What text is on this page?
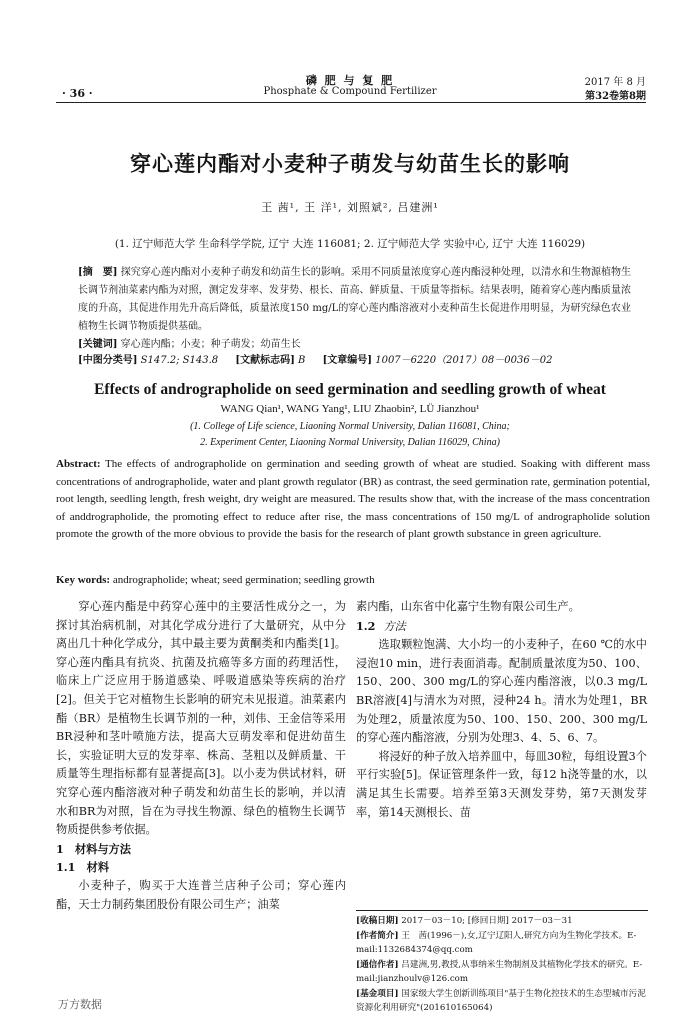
磷 肥 与 复 肥
Phosphate & Compound Fertilizer
· 36 ·
2017 年 8 月
第32卷第8期
穿心莲内酯对小麦种子萌发与幼苗生长的影响
王 茜¹, 王 洋¹, 刘照斌², 吕建洲¹
(1. 辽宁师范大学 生命科学学院, 辽宁 大连 116081; 2. 辽宁师范大学 实验中心, 辽宁 大连 116029)
[摘　要] 探究穿心莲内酯对小麦种子萌发和幼苗生长的影响。采用不同质量浓度穿心莲内酯浸种处理，以清水和生物源植物生长调节剂油菜素内酯为对照，测定发芽率、发芽势、根长、苗高、鲜质量、干质量等指标。结果表明，随着穿心莲内酯质量浓度的升高，其促进作用先升高后降低，质量浓度150 mg/L的穿心莲内酯溶液对小麦种苗生长促进作用明显，为研究绿色农业植物生长调节物质提供基础。
[关键词] 穿心莲内酯；小麦；种子萌发；幼苗生长
[中图分类号] S147.2; S143.8 [文献标志码] B [文章编号] 1007－6220（2017）08－0036－02
Effects of andrographolide on seed germination and seedling growth of wheat
WANG Qian¹, WANG Yang¹, LIU Zhaobin², LÜ Jianzhou¹
(1. College of Life science, Liaoning Normal University, Dalian 116081, China;
2. Experiment Center, Liaoning Normal University, Dalian 116029, China)
Abstract: The effects of andrographolide on germination and seeding growth of wheat are studied. Soaking with different mass concentrations of andrographolide, water and plant growth regulator (BR) as contrast, the seed germination rate, germination potential, root length, seedling length, fresh weight, dry weight are measured. The results show that, with the increase of the mass concentration of anddrographolide, the promoting effect to reduce after rise, the mass concentrations of 150 mg/L of andrographolide solution promote the growth of the more obvious to provide the basis for the research of plant growth substance in green agriculture.
Key words: andrographolide; wheat; seed germination; seedling growth

穿心莲内酯是中药穿心莲中的主要活性成分之一，为探讨其治病机制，对其化学成分进行了大量研究，从中分离出几十种化学成分，其中最主要为黄酮类和内酯类[1]。穿心莲内酯具有抗炎、抗菌及抗癌等多方面的药理活性，临床上广泛应用于肠道感染、呼吸道感染等疾病的治疗[2]。但关于它对植物生长影响的研究未见报道。油菜素内酯（BR）是植物生长调节剂的一种，刘伟、王金信等采用BR浸种和茎叶喷施方法，提高大豆萌发率和促进幼苗生长，实验证明大豆的发芽率、株高、茎粗以及鲜质量、干质量等生理指标都有显著提高[3]。以小麦为供试材料，研究穿心莲内酯溶液对种子萌发和幼苗生长的影响，并以清水和BR为对照，旨在为寻找生物源、绿色的植物生长调节物质提供参考依据。

1　材料与方法

1.1　材料

小麦种子，购买于大连普兰店种子公司；穿心莲内酯，天士力制药集团股份有限公司生产；油菜

素内酯，山东省中化嘉宁生物有限公司生产。

1.2 方法

选取颗粒饱满、大小均一的小麦种子，在60 ℃的水中浸泡10 min，进行表面消毒。配制质量浓度为50、100、150、200、300 mg/L的穿心莲内酯溶液，以0.3 mg/L BR溶液[4]与清水为对照，浸种24 h。清水为处理1，BR为处理2，质量浓度为50、100、150、200、300 mg/L的穿心莲内酯溶液，分别为处理3、4、5、6、7。

将浸好的种子放入培养皿中，每皿30粒，每组设置3个平行实验[5]。保证管理条件一致，每12 h浇等量的水，以满足其生长需要。培养至第3天测发芽势，第7天测发芽率，第14天测根长、苗

[收稿日期] 2017－03－10; [修回日期] 2017－03－31
[作者简介] 王　茜(1996－),女,辽宁辽阳人,研究方向为生物化学技术。E-mail:1132684374@qq.com
[通信作者] 吕建洲,男,教授,从事纳米生物制剂及其植物化学技术的研究。E-mail:jianzhoulv@126.com
[基金项目] 国家级大学生创新训练项目"基于生物化控技术的生态型城市污泥资源化利用研究"(201610165064)
万方数据
